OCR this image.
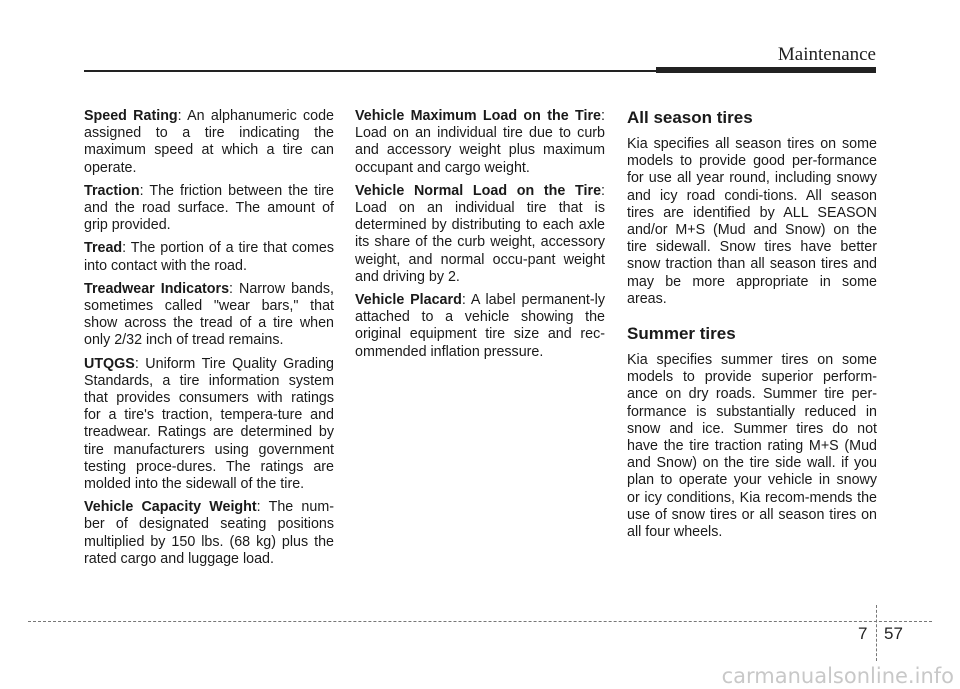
Maintenance

Speed Rating: An alphanumeric code assigned to a tire indicating the maximum speed at which a tire can operate.

Traction: The friction between the tire and the road surface. The amount of grip provided.

Tread: The portion of a tire that comes into contact with the road.

Treadwear Indicators: Narrow bands, sometimes called "wear bars," that show across the tread of a tire when only 2/32 inch of tread remains.

UTQGS: Uniform Tire Quality Grading Standards, a tire information system that provides consumers with ratings for a tire's traction, tempera-ture and treadwear. Ratings are determined by tire manufacturers using government testing proce-dures. The ratings are molded into the sidewall of the tire.

Vehicle Capacity Weight: The num-ber of designated seating positions multiplied by 150 lbs. (68 kg) plus the rated cargo and luggage load.

Vehicle Maximum Load on the Tire: Load on an individual tire due to curb and accessory weight plus maximum occupant and cargo weight.

Vehicle Normal Load on the Tire: Load on an individual tire that is determined by distributing to each axle its share of the curb weight, accessory weight, and normal occu-pant weight and driving by 2.

Vehicle Placard: A label permanent-ly attached to a vehicle showing the original equipment tire size and rec-ommended inflation pressure.

All season tires

Kia specifies all season tires on some models to provide good per-formance for use all year round, including snowy and icy road condi-tions. All season tires are identified by ALL SEASON and/or M+S (Mud and Snow) on the tire sidewall. Snow tires have better snow traction than all season tires and may be more appropriate in some areas.

Summer tires

Kia specifies summer tires on some models to provide superior perform-ance on dry roads. Summer tire per-formance is substantially reduced in snow and ice. Summer tires do not have the tire traction rating M+S (Mud and Snow) on the tire side wall. if you plan to operate your vehicle in snowy or icy conditions, Kia recom-mends the use of snow tires or all season tires on all four wheels.

7 57
carmanualsonline.info
